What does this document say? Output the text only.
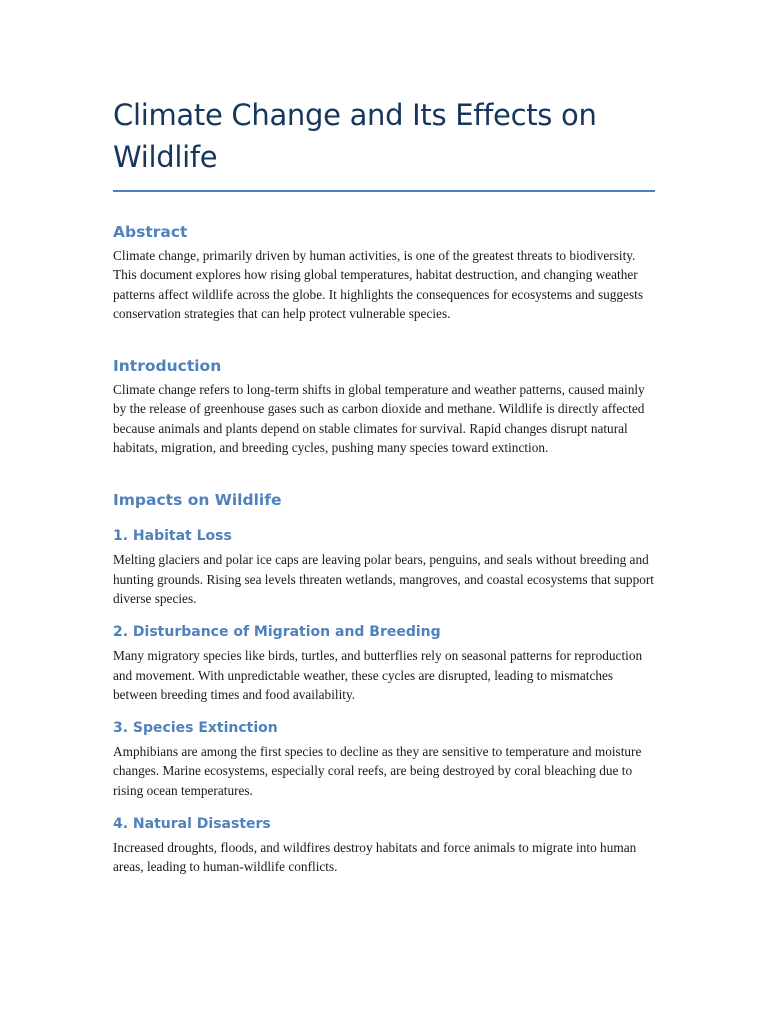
Climate Change and Its Effects on Wildlife
Abstract

Climate change, primarily driven by human activities, is one of the greatest threats to biodiversity. This document explores how rising global temperatures, habitat destruction, and changing weather patterns affect wildlife across the globe. It highlights the consequences for ecosystems and suggests conservation strategies that can help protect vulnerable species.

Introduction

Climate change refers to long-term shifts in global temperature and weather patterns, caused mainly by the release of greenhouse gases such as carbon dioxide and methane. Wildlife is directly affected because animals and plants depend on stable climates for survival. Rapid changes disrupt natural habitats, migration, and breeding cycles, pushing many species toward extinction.

Impacts on Wildlife
1. Habitat Loss

Melting glaciers and polar ice caps are leaving polar bears, penguins, and seals without breeding and hunting grounds. Rising sea levels threaten wetlands, mangroves, and coastal ecosystems that support diverse species.

2. Disturbance of Migration and Breeding

Many migratory species like birds, turtles, and butterflies rely on seasonal patterns for reproduction and movement. With unpredictable weather, these cycles are disrupted, leading to mismatches between breeding times and food availability.

3. Species Extinction

Amphibians are among the first species to decline as they are sensitive to temperature and moisture changes. Marine ecosystems, especially coral reefs, are being destroyed by coral bleaching due to rising ocean temperatures.

4. Natural Disasters

Increased droughts, floods, and wildfires destroy habitats and force animals to migrate into human areas, leading to human-wildlife conflicts.
